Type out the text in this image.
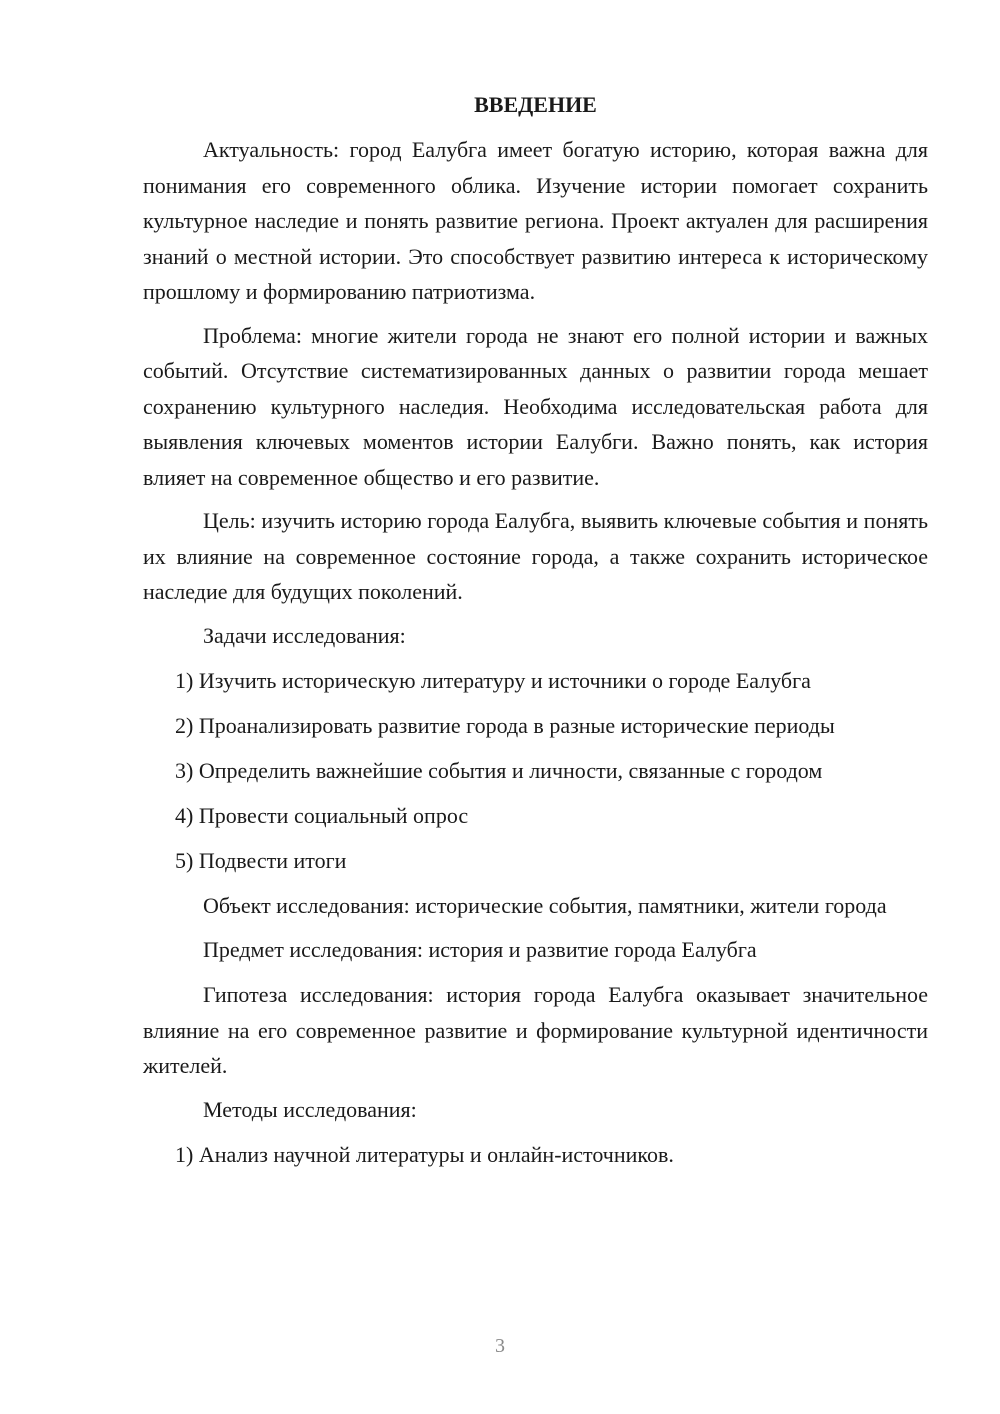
ВВЕДЕНИЕ

Актуальность: город Еалубга имеет богатую историю, которая важна для понимания его современного облика. Изучение истории помогает сохранить культурное наследие и понять развитие региона. Проект актуален для расширения знаний о местной истории. Это способствует развитию интереса к историческому прошлому и формированию патриотизма.

Проблема: многие жители города не знают его полной истории и важных событий. Отсутствие систематизированных данных о развитии города мешает сохранению культурного наследия. Необходима исследовательская работа для выявления ключевых моментов истории Еалубги. Важно понять, как история влияет на современное общество и его развитие.

Цель: изучить историю города Еалубга, выявить ключевые события и понять их влияние на современное состояние города, а также сохранить историческое наследие для будущих поколений.

Задачи исследования:

1) Изучить историческую литературу и источники о городе Еалубга
2) Проанализировать развитие города в разные исторические периоды
3) Определить важнейшие события и личности, связанные с городом
4) Провести социальный опрос
5) Подвести итоги

Объект исследования: исторические события, памятники, жители города

Предмет исследования: история и развитие города Еалубга

Гипотеза исследования: история города Еалубга оказывает значительное влияние на его современное развитие и формирование культурной идентичности жителей.

Методы исследования:

1) Анализ научной литературы и онлайн-источников.
3
